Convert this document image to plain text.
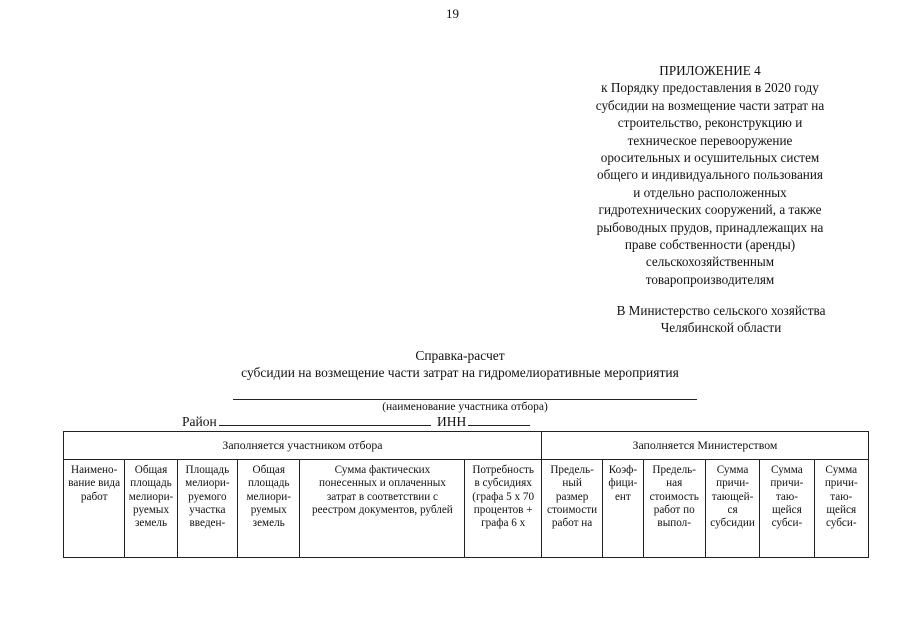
19
ПРИЛОЖЕНИЕ 4
к Порядку предоставления в 2020 году
субсидии на возмещение части затрат на
строительство, реконструкцию и
техническое перевооружение
оросительных и осушительных систем
общего и индивидуального пользования
и отдельно расположенных
гидротехнических сооружений, а также
рыбоводных прудов, принадлежащих на
праве собственности (аренды)
сельскохозяйственным
товаропроизводителям
В Министерство сельского хозяйства
Челябинской области
Справка-расчет
субсидии на возмещение части затрат на гидромелиоративные мероприятия
(наименование участника отбора)
Район	ИНН
Заполняется участником отбора						Заполняется Министерством					
Наимено-
вание вида
работ	Общая
площадь
мелиори-
руемых
земель	Площадь
мелиори-
руемого
участка
введен-	Общая
площадь
мелиори-
руемых
земель	Сумма фактических
понесенных и оплаченных
затрат в соответствии с
реестром документов, рублей	Потребность
в субсидиях
(графа 5 х 70
процентов +
графа 6 х	Предель-
ный
размер
стоимости
работ на	Коэф-
фици-
ент	Предель-
ная
стоимость
работ по
выпол-	Сумма
причи-
тающей-
ся
субсидии	Сумма
причи-
таю-
щейся
субси-	Сумма
причи-
таю-
щейся
субси-
